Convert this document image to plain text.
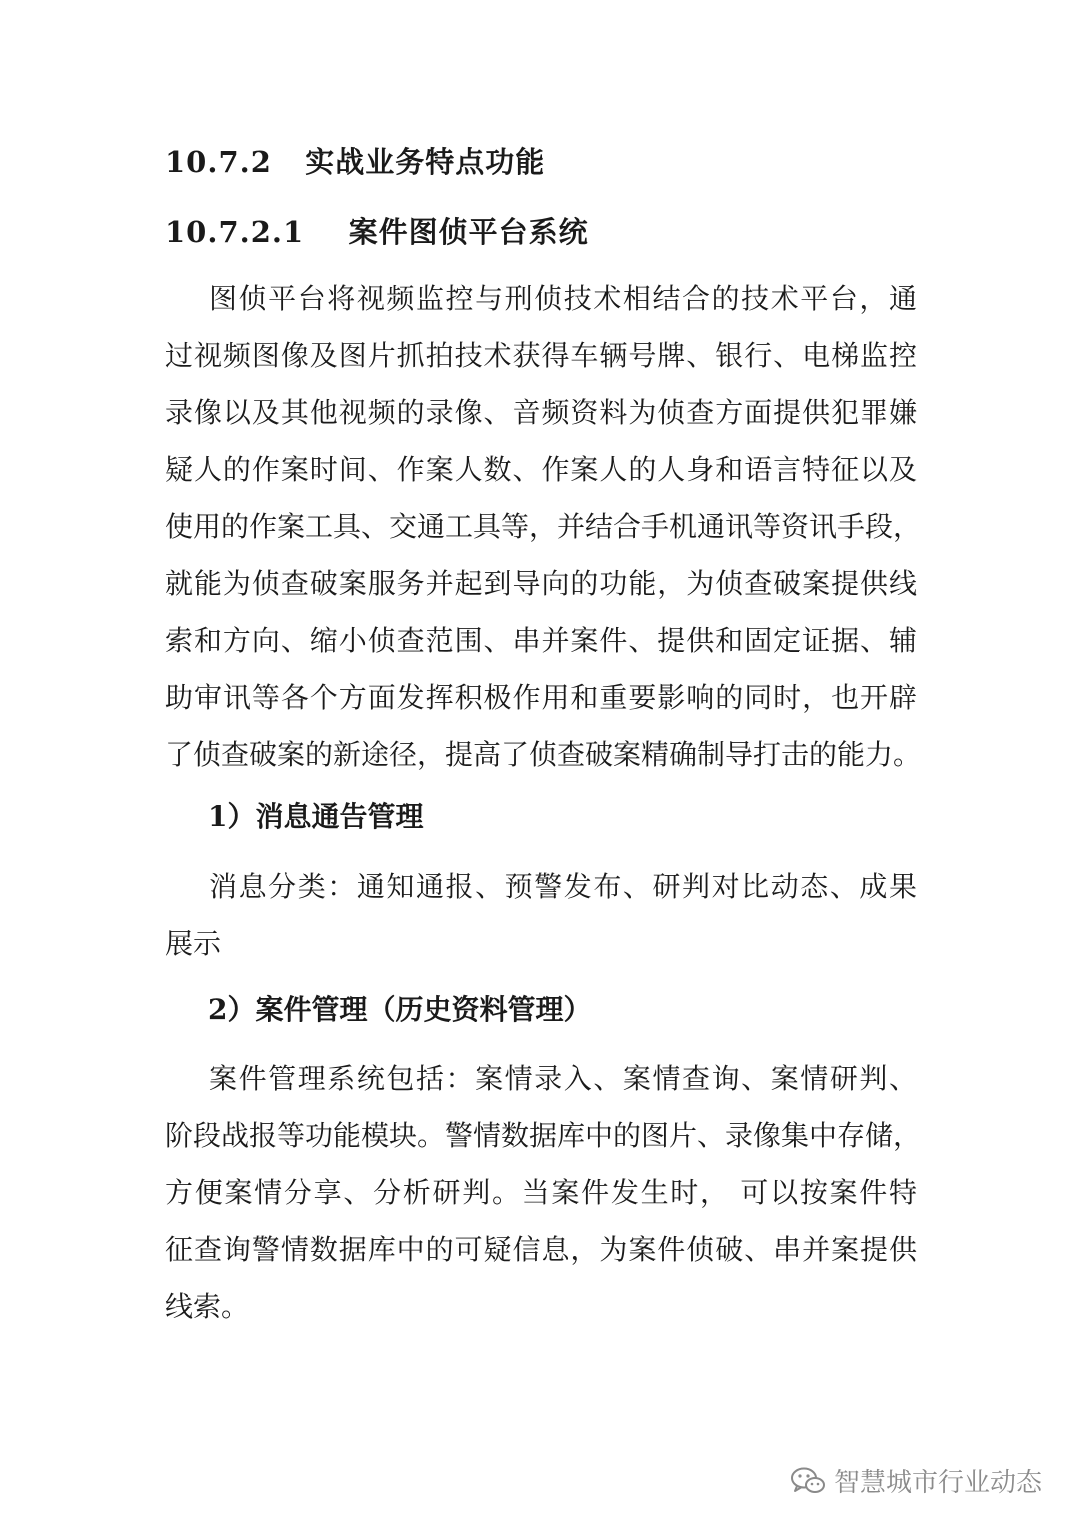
10.7.2 实战业务特点功能
10.7.2.1 案件图侦平台系统
图侦平台将视频监控与刑侦技术相结合的技术平台，通
过视频图像及图片抓拍技术获得车辆号牌、银行、电梯监控
录像以及其他视频的录像、音频资料为侦查方面提供犯罪嫌
疑人的作案时间、作案人数、作案人的人身和语言特征以及
使用的作案工具、交通工具等，并结合手机通讯等资讯手段，
就能为侦查破案服务并起到导向的功能，为侦查破案提供线
索和方向、缩小侦查范围、串并案件、提供和固定证据、辅
助审讯等各个方面发挥积极作用和重要影响的同时，也开辟
了侦查破案的新途径，提高了侦查破案精确制导打击的能力。
1）消息通告管理
消息分类：通知通报、预警发布、研判对比动态、成果
展示
2）案件管理（历史资料管理）
案件管理系统包括：案情录入、案情查询、案情研判、
阶段战报等功能模块。警情数据库中的图片、录像集中存储，
方便案情分享、分析研判。当案件发生时， 可以按案件特
征查询警情数据库中的可疑信息，为案件侦破、串并案提供
线索。
智慧城市行业动态
